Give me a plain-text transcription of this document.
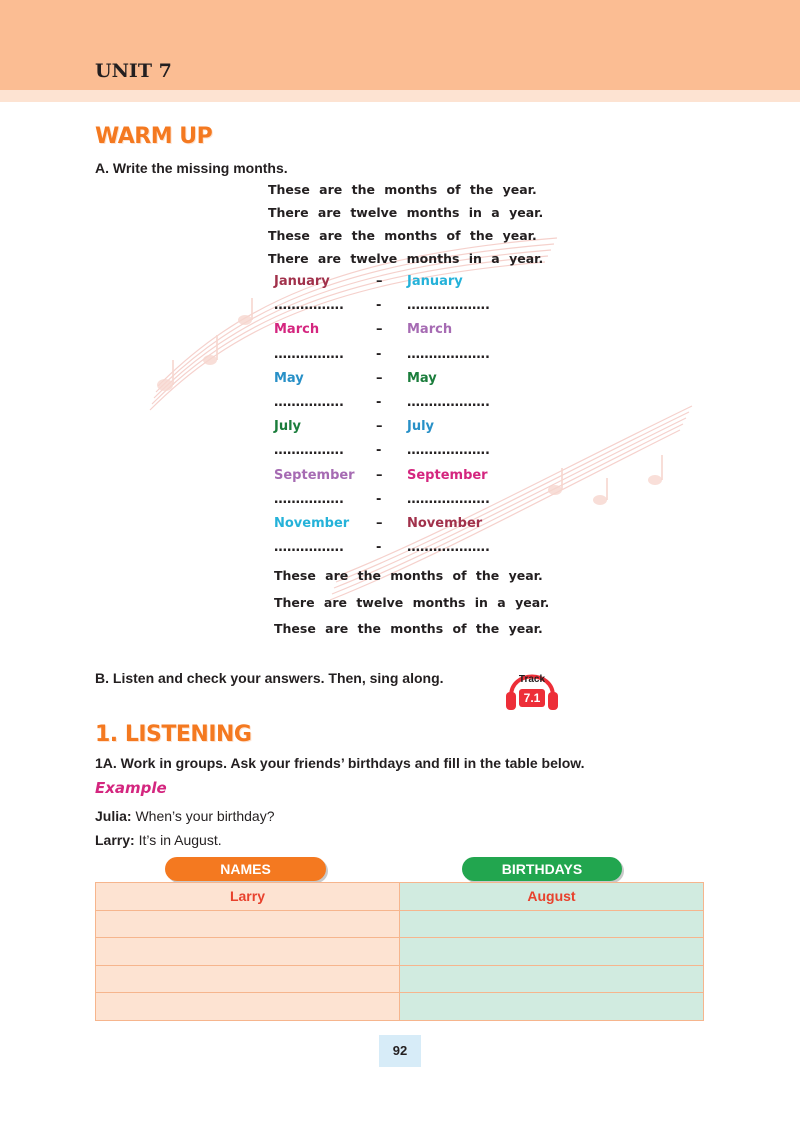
UNIT 7
WARM UP
A. Write the missing months.
These are the months of the year.
There are twelve months in a year.
These are the months of the year.
There are twelve months in a year.
January	– January
……………. - ……………….
March	– March
……………. - ……………….
May	– May
……………. - ……………….
July	– July
……………. - ……………….
September – September
……………. - ……………….
November – November
……………. - ……………….
These are the months of the year.
There are twelve months in a year.
These are the months of the year.
B. Listen and check your answers. Then, sing along.	Track
7.1
1. LISTENING
1A. Work in groups. Ask your friends’ birthdays and fill in the table below.
Example
Julia: When’s your birthday?
Larry: It’s in August.
NAMES	BIRTHDAYS
Larry	August

92
